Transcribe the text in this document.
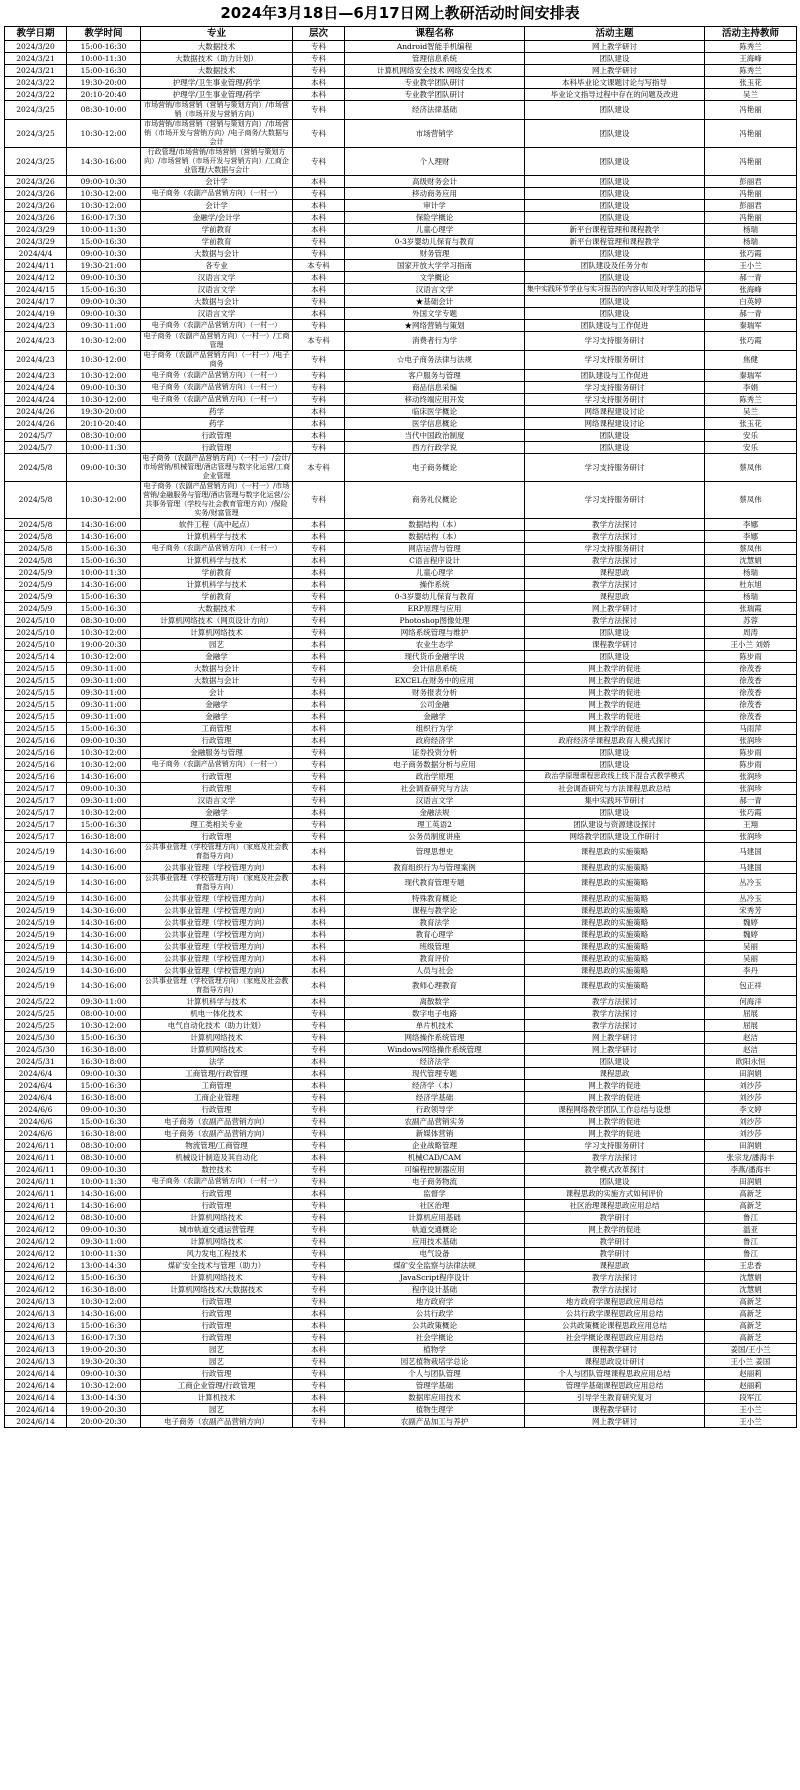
2024年3月18日—6月17日网上教研活动时间安排表
教学日期	教学时间	专业	层次	课程名称	活动主题	活动主持教师
2024/3/20	15:00-16:30	大数据技术	专科	Android智能手机编程	网上教学研讨	陈秀兰
2024/3/21	10:00-11:30	大数据技术（助力计划）	专科	管理信息系统	团队建设	王海峰
2024/3/21	15:00-16:30	大数据技术	专科	计算机网络安全技术 网络安全技术	网上教学研讨	陈秀兰
2024/3/22	19:30-20:00	护理学/卫生事业管理/药学	本科	专业教学团队研讨	本科毕业论文课题讨论与写指导	张玉花
2024/3/22	20:10-20:40	护理学/卫生事业管理/药学	本科	专业教学团队研讨	毕业论文指导过程中存在的问题及改进	吴兰
2024/3/25	08:30-10:00	市场营销/市场营销（营销与策划方向）/市场营销（市场开发与营销方向）	专科	经济法律基础	团队建设	冯艳丽
2024/3/25	10:30-12:00	市场营销/市场营销（营销与策划方向）/市场营销（市场开发与营销方向）/电子商务/大数据与会计	专科	市场营销学	团队建设	冯艳丽
2024/3/25	14:30-16:00	行政管理/市场营销/市场营销（营销与策划方向）/市场营销（市场开发与营销方向）/工商企业管理/大数据与会计	专科	个人理财	团队建设	冯艳丽
2024/3/26	09:00-10:30	会计学	本科	高级财务会计	团队建设	彭丽君
2024/3/26	10:30-12:00	电子商务（农副产品营销方向）（一村一）	专科	移动商务应用	团队建设	冯艳丽
2024/3/26	10:30-12:00	会计学	本科	审计学	团队建设	彭丽君
2024/3/26	16:00-17:30	金融学/会计学	本科	保险学概论	团队建设	冯艳丽
2024/3/29	10:00-11:30	学前教育	本科	儿童心理学	新平台课程管理和课程教学	杨瑞
2024/3/29	15:00-16:30	学前教育	专科	0-3岁婴幼儿保育与教育	新平台课程管理和课程教学	杨瑞
2024/4/4	09:00-10:30	大数据与会计	专科	财务管理	团队建设	张巧霞
2024/4/11	19:30-21:00	各专业	本专科	国家开放大学学习指南	团队建设及任务分布	王小兰
2024/4/12	09:00-10:30	汉语言文学	本科	文学概论	团队建设	郝一青
2024/4/15	15:00-16:30	汉语言文学	本科	汉语言文学	集中实践环节学业与实习报告的内容认知及对学生的指导	张海峰
2024/4/17	09:00-10:30	大数据与会计	专科	★基础会计	团队建设	白英婷
2024/4/19	09:00-10:30	汉语言文学	本科	外国文学专题	团队建设	郝一青
2024/4/23	09:30-11:00	电子商务（农副产品营销方向）（一村一）	专科	★网络营销与策划	团队建设与工作促进	秦瑞军
2024/4/23	10:30-12:00	电子商务（农副产品营销方向）（一村一）/工商管理	本专科	消费者行为学	学习支持服务研讨	张巧霞
2024/4/23	10:30-12:00	电子商务（农副产品营销方向）（一村一）/电子商务	专科	☆电子商务法律与法规	学习支持服务研讨	焦健
2024/4/23	10:30-12:00	电子商务（农副产品营销方向）（一村一）	专科	客户服务与管理	团队建设与工作促进	秦瑞军
2024/4/24	09:00-10:30	电子商务（农副产品营销方向）（一村一）	专科	商品信息采编	学习支持服务研讨	李娟
2024/4/24	10:30-12:00	电子商务（农副产品营销方向）（一村一）	专科	移动终端应用开发	学习支持服务研讨	陈秀兰
2024/4/26	19:30-20:00	药学	本科	临床医学概论	网络课程建设讨论	吴兰
2024/4/26	20:10-20:40	药学	本科	医学信息概论	网络课程建设讨论	张玉花
2024/5/7	08:30-10:00	行政管理	本科	当代中国政治制度	团队建设	安乐
2024/5/7	10:00-11:30	行政管理	专科	西方行政学说	团队建设	安乐
2024/5/8	09:00-10:30	电子商务（农副产品营销方向）（一村一）/会计/市场营销/机械管理/酒店管理与数字化运营/工商企业管理	本专科	电子商务概论	学习支持服务研讨	蔡凤伟
2024/5/8	10:30-12:00	电子商务（农副产品营销方向）（一村一）/市场营销/金融服务与管理/酒店管理与数字化运营/公共事务管理（学校与社会教育管理方向）/保险实务/财富管理	专科	商务礼仪概论	学习支持服务研讨	蔡凤伟
2024/5/8	14:30-16:00	软件工程（高中起点）	本科	数据结构（本）	教学方法探讨	李娜
2024/5/8	14:30-16:00	计算机科学与技术	本科	数据结构（本）	教学方法探讨	李娜
2024/5/8	15:00-16:30	电子商务（农副产品营销方向）（一村一）	专科	网店运营与管理	学习支持服务研讨	蔡凤伟
2024/5/8	15:00-16:30	计算机科学与技术	本科	C语言程序设计	教学方法探讨	沈慧娟
2024/5/9	10:00-11:30	学前教育	本科	儿童心理学	课程思政	杨瑞
2024/5/9	14:30-16:00	计算机科学与技术	本科	操作系统	教学方法探讨	杜东旭
2024/5/9	15:00-16:30	学前教育	专科	0-3岁婴幼儿保育与教育	课程思政	杨瑞
2024/5/9	15:00-16:30	大数据技术	专科	ERP原理与应用	网上教学研讨	张瑞霞
2024/5/10	08:30-10:00	计算机网络技术（网页设计方向）	专科	Photoshop图像处理	教学方法探讨	苏蓉
2024/5/10	10:30-12:00	计算机网络技术	专科	网络系统管理与维护	团队建设	周涛
2024/5/10	19:00-20:30	园艺	本科	农业生态学	课程教学研讨	王小兰 刘娇
2024/5/14	10:30-12:00	金融学	本科	现代货币金融学说	团队建设	陈步雨
2024/5/15	09:30-11:00	大数据与会计	专科	会计信息系统	网上教学的促进	徐茂香
2024/5/15	09:30-11:00	大数据与会计	专科	EXCEL在财务中的应用	网上教学的促进	徐茂香
2024/5/15	09:30-11:00	会计	本科	财务报表分析	网上教学的促进	徐茂香
2024/5/15	09:30-11:00	金融学	本科	公司金融	网上教学的促进	徐茂香
2024/5/15	09:30-11:00	金融学	本科	金融学	网上教学的促进	徐茂香
2024/5/15	15:00-16:30	工商管理	本科	组织行为学	网上教学的促进	马雨萍
2024/5/16	09:00-10:30	行政管理	本科	政府经济学	政府经济学课程思政育人模式探讨	张润珍
2024/5/16	10:30-12:00	金融服务与管理	专科	证券投资分析	团队建设	陈步雨
2024/5/16	10:30-12:00	电子商务（农副产品营销方向）（一村一）	专科	电子商务数据分析与应用	团队建设	陈步雨
2024/5/16	14:30-16:00	行政管理	专科	政治学原理	政治学原理课程思政线上线下混合式教学模式	张润珍
2024/5/17	09:00-10:30	行政管理	专科	社会调查研究与方法	社会调查研究与方法课程思政总结	张润珍
2024/5/17	09:30-11:00	汉语言文学	专科	汉语言文学	集中实践环节研讨	郝一青
2024/5/17	10:30-12:00	金融学	本科	金融法规	团队建设	张巧霞
2024/5/17	15:00-16:30	理工类相关专业	专科	理工英语2	团队建设与资源建设探讨	王翔
2024/5/17	16:30-18:00	行政管理	专科	公务员制度讲座	网络教学团队建设工作研讨	张润珍
2024/5/19	14:30-16:00	公共事业管理（学校管理方向）（家庭及社会教育指导方向）	本科	管理思想史	课程思政的实施策略	马建国
2024/5/19	14:30-16:00	公共事业管理（学校管理方向）	本科	教育组织行为与管理案例	课程思政的实施策略	马建国
2024/5/19	14:30-16:00	公共事业管理（学校管理方向）（家庭及社会教育指导方向）	本科	现代教育管理专题	课程思政的实施策略	丛冷玉
2024/5/19	14:30-16:00	公共事业管理（学校管理方向）	本科	特殊教育概论	课程思政的实施策略	丛冷玉
2024/5/19	14:30-16:00	公共事业管理（学校管理方向）	本科	课程与教学论	课程思政的实施策略	宋秀芳
2024/5/19	14:30-16:00	公共事业管理（学校管理方向）	本科	教育法学	课程思政的实施策略	魏婷
2024/5/19	14:30-16:00	公共事业管理（学校管理方向）	本科	教育心理学	课程思政的实施策略	魏婷
2024/5/19	14:30-16:00	公共事业管理（学校管理方向）	本科	班级管理	课程思政的实施策略	吴丽
2024/5/19	14:30-16:00	公共事业管理（学校管理方向）	本科	教育评价	课程思政的实施策略	吴丽
2024/5/19	14:30-16:00	公共事业管理（学校管理方向）	本科	人员与社会	课程思政的实施策略	李丹
2024/5/19	14:30-16:00	公共事业管理（学校管理方向）（家庭及社会教育指导方向）	本科	教师心理教育	课程思政的实施策略	包正祥
2024/5/22	09:30-11:00	计算机科学与技术	本科	离散数学	教学方法探讨	何海洋
2024/5/25	08:00-10:00	机电一体化技术	专科	数字电子电路	教学方法探讨	屈展
2024/5/25	10:30-12:00	电气自动化技术（助力计划）	专科	单片机技术	教学方法探讨	屈展
2024/5/30	15:00-16:30	计算机网络技术	专科	网络操作系统管理	网上教学研讨	赵洁
2024/5/30	16:30-18:00	计算机网络技术	专科	Windows网络操作系统管理	网上教学研讨	赵洁
2024/5/31	16:30-18:00	法学	本科	经济法学	团队建设	欧阳永恒
2024/6/4	09:00-10:30	工商管理/行政管理	本科	现代管理专题	课程思政	田润娟
2024/6/4	15:00-16:30	工商管理	本科	经济学（本）	网上教学的促进	刘沙莎
2024/6/4	16:30-18:00	工商企业管理	专科	经济学基础	网上教学的促进	刘沙莎
2024/6/6	09:00-10:30	行政管理	专科	行政领导学	课程网络教学团队工作总结与设想	李文婷
2024/6/6	15:00-16:30	电子商务（农副产品营销方向）	专科	农副产品营销实务	网上教学的促进	刘沙莎
2024/6/6	16:30-18:00	电子商务（农副产品营销方向）	专科	新媒体营销	网上教学的促进	刘沙莎
2024/6/11	08:30-10:00	物流管理/工商管理	专科	企业战略管理	学习支持服务研讨	田润娟
2024/6/11	08:30-10:00	机械设计制造及其自动化	本科	机械CAD/CAM	教学方法探讨	张宗龙/潘海丰
2024/6/11	09:00-10:30	数控技术	专科	可编程控制器应用	教学模式改革探讨	李燕/潘海丰
2024/6/11	10:00-11:30	电子商务（农副产品营销方向）（一村一）	专科	电子商务物流	团队建设	田润娟
2024/6/11	14:30-16:00	行政管理	本科	监督学	课程思政的实施方式如何评价	高新芝
2024/6/11	14:30-16:00	行政管理	专科	社区治理	社区治理课程思政应用总结	高新芝
2024/6/12	08:30-10:00	计算机网络技术	专科	计算机应用基础	教学研讨	鲁江
2024/6/12	09:00-10:30	城市轨道交通运营管理	专科	轨道交通概论	网上教学的促进	温亚
2024/6/12	09:30-11:00	计算机网络技术	专科	应用技术基础	教学研讨	鲁江
2024/6/12	10:00-11:30	风力发电工程技术	专科	电气设备	教学研讨	鲁江
2024/6/12	13:00-14:30	煤矿安全技术与管理（助力）	专科	煤矿安全监察与法律法规	课程思政	王忠香
2024/6/12	15:00-16:30	计算机网络技术	专科	JavaScript程序设计	教学方法探讨	沈慧娟
2024/6/12	16:30-18:00	计算机网络技术/大数据技术	专科	程序设计基础	教学方法探讨	沈慧娟
2024/6/13	10:30-12:00	行政管理	专科	地方政府学	地方政府学课程思政应用总结	高新芝
2024/6/13	14:30-16:00	行政管理	本科	公共行政学	公共行政学课程思政应用总结	高新芝
2024/6/13	15:00-16:30	行政管理	本科	公共政策概论	公共政策概论课程思政应用总结	高新芝
2024/6/13	16:00-17:30	行政管理	专科	社会学概论	社会学概论课程思政应用总结	高新芝
2024/6/13	19:00-20:30	园艺	本科	植物学	课程教学研讨	姜国/王小兰
2024/6/13	19:30-20:30	园艺	专科	园艺植物栽培学总论	课程思政设计研讨	王小兰 姜国
2024/6/14	09:00-10:30	行政管理	专科	个人与团队管理	个人与团队管理课程思政应用总结	赵丽莉
2024/6/14	10:30-12:00	工商企业管理/行政管理	专科	管理学基础	管理学基础课程思政应用总结	赵丽莉
2024/6/14	13:00-14:30	计算机技术	本科	数据库应用技术	引导学生教育研究复习	段军江
2024/6/14	19:00-20:30	园艺	本科	植物生理学	课程教学研讨	王小兰
2024/6/14	20:00-20:30	电子商务（农副产品营销方向）	专科	农副产品加工与养护	网上教学研讨	王小兰
